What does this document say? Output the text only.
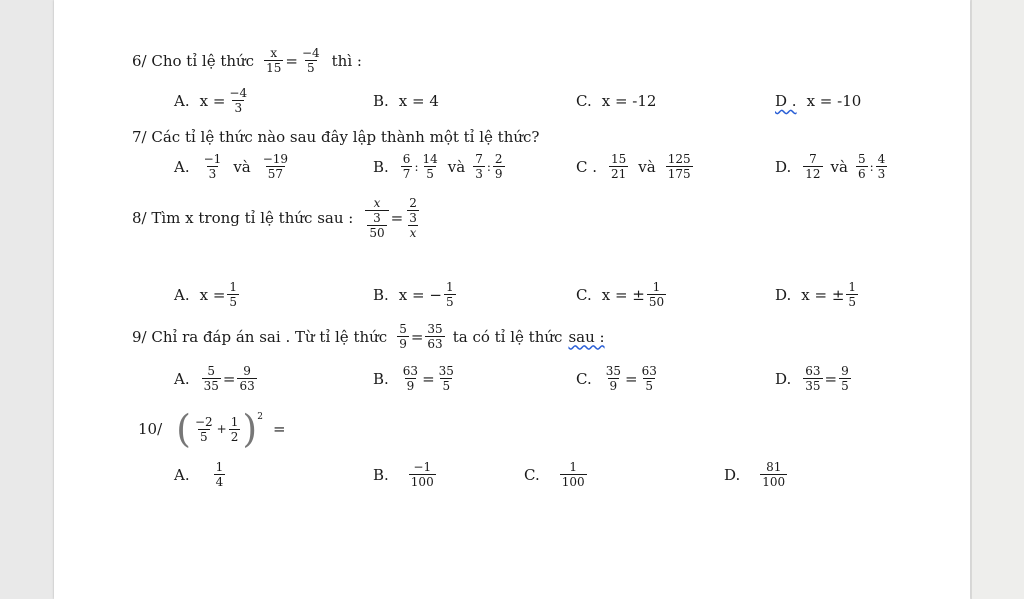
6/ Cho tỉ lệ thức $\frac{x}{15} = \frac{-4}{5}$ thì :
A. $x = \frac{-4}{3}$	B. x = 4	C. x = -12	D . x = -10
7/ Các tỉ lệ thức nào sau đây lập thành một tỉ lệ thức?
A. $\frac{-1}{3}$ và $\frac{-19}{57}$	B. $\frac{6}{7}$ : $\frac{14}{5}$ và $\frac{7}{3}$ : $\frac{2}{9}$	C . $\frac{15}{21}$ và $\frac{125}{175}$	D. $\frac{7}{12}$ và $\frac{5}{6}$ : $\frac{4}{3}$
8/ Tìm x trong tỉ lệ thức sau : $\frac{x}{\frac{3}{50}} = \frac{\frac{2}{3}}{x}$
A. $x = \frac{1}{5}$	B. x = − $\frac{1}{5}$	C. x = ± $\frac{1}{50}$	D. x = ± $\frac{1}{5}$
9/ Chỉ ra đáp án sai . Từ tỉ lệ thức $\frac{5}{9} = \frac{35}{63}$ ta có tỉ lệ thức sau :
A. $\frac{5}{35} = \frac{9}{63}$	B. $\frac{63}{9} = \frac{35}{5}$	C. $\frac{35}{9} = \frac{63}{5}$	D. $\frac{63}{35} = \frac{9}{5}$
10/ ( $\frac{-2}{5} + \frac{1}{2}$ ) 2
=
A. $\frac{1}{4}$	B. $\frac{-1}{100}$	C. $\frac{1}{100}$	D. $\frac{81}{100}$
